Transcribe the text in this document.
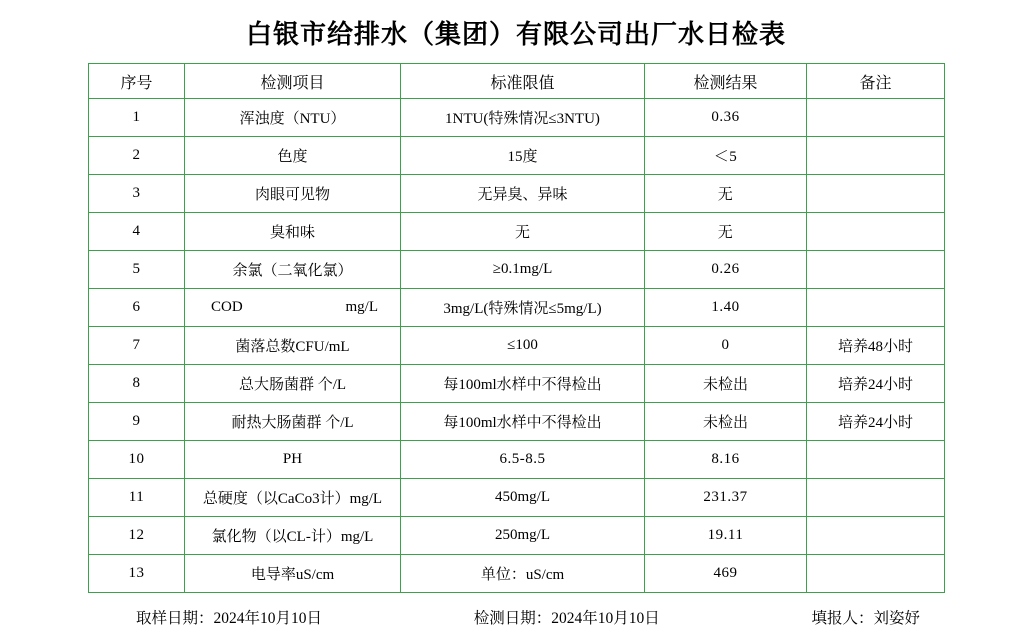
白银市给排水（集团）有限公司出厂水日检表
序号	检测项目	标准限值	检测结果	备注
1	浑浊度（NTU）	1NTU(特殊情况≤3NTU)	0.36	
2	色度	15度	＜5	
3	肉眼可见物	无异臭、异味	无	
4	臭和味	无	无	
5	余氯（二氧化氯）	≥0.1mg/L	0.26	
6	COD mg/L	3mg/L(特殊情况≤5mg/L)	1.40	
7	菌落总数CFU/mL	≤100	0	培养48小时
8	总大肠菌群 个/L	每100ml水样中不得检出	未检出	培养24小时
9	耐热大肠菌群 个/L	每100ml水样中不得检出	未检出	培养24小时
10	PH	6.5-8.5	8.16	
11	总硬度（以CaCo3计）mg/L	450mg/L	231.37	
12	氯化物（以CL-计）mg/L	250mg/L	19.11	
13	电导率uS/cm	单位：uS/cm	469	
取样日期：2024年10月10日	检测日期：2024年10月10日	填报人：刘姿妤
